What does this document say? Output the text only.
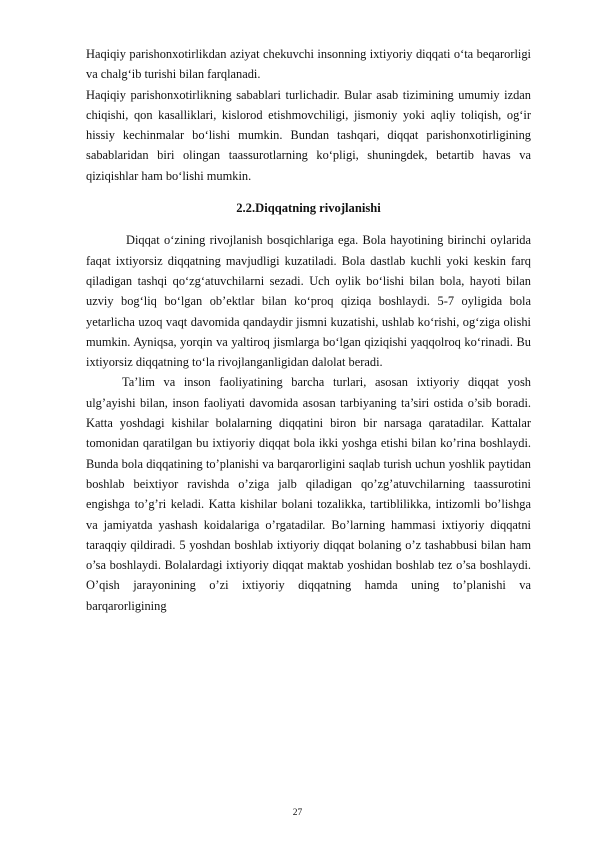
Haqiqiy parishonxotirlikdan aziyat chekuvchi insonning ixtiyoriy diqqati o‘ta beqarorligi va chalg‘ib turishi bilan farqlanadi.

Haqiqiy parishonxotirlikning sabablari turlichadir. Bular asab tizimining umumiy izdan chiqishi, qon kasalliklari, kislorod etishmovchiligi, jismoniy yoki aqliy toliqish, og‘ir hissiy kechinmalar bo‘lishi mumkin. Bundan tashqari, diqqat parishonxotirligining sabablaridan biri olingan taassurotlarning ko‘pligi, shuningdek, betartib havas va qiziqishlar ham bo‘lishi mumkin.

2.2.Diqqatning rivojlanishi

Diqqat o‘zining rivojlanish bosqichlariga ega. Bola hayotining birinchi oylarida faqat ixtiyorsiz diqqatning mavjudligi kuzatiladi. Bola dastlab kuchli yoki keskin farq qiladigan tashqi qo‘zg‘atuvchilarni sezadi. Uch oylik bo‘lishi bilan bola, hayoti bilan uzviy bog‘liq bo‘lgan ob’ektlar bilan ko‘proq qiziqa boshlaydi. 5-7 oyligida bola yetarlicha uzoq vaqt davomida qandaydir jismni kuzatishi, ushlab ko‘rishi, og‘ziga olishi mumkin. Ayniqsa, yorqin va yaltiroq jismlarga bo‘lgan qiziqishi yaqqolroq ko‘rinadi. Bu ixtiyorsiz diqqatning to‘la rivojlanganligidan dalolat beradi.

Ta’lim va inson faoliyatining barcha turlari, asosan ixtiyoriy diqqat yosh ulg’ayishi bilan, inson faoliyati davomida asosan tarbiyaning ta’siri ostida o’sib boradi. Katta yoshdagi kishilar bolalarning diqqatini biron bir narsaga qaratadilar. Kattalar tomonidan qaratilgan bu ixtiyoriy diqqat bola ikki yoshga etishi bilan ko’rina boshlaydi. Bunda bola diqqatining to’planishi va barqarorligini saqlab turish uchun yoshlik paytidan boshlab beixtiyor ravishda o’ziga jalb qiladigan qo’zg’atuvchilarning taassurotini engishga to’g’ri keladi. Katta kishilar bolani tozalikka, tartiblilikka, intizomli bo’lishga va jamiyatda yashash koidalariga o’rgatadilar. Bo’larning hammasi ixtiyoriy diqqatni taraqqiy qildiradi. 5 yoshdan boshlab ixtiyoriy diqqat bolaning o’z tashabbusi bilan ham o’sa boshlaydi. Bolalardagi ixtiyoriy diqqat maktab yoshidan boshlab tez o’sa boshlaydi. O’qish jarayonining o’zi ixtiyoriy diqqatning hamda uning to’planishi va barqarorligining

27
